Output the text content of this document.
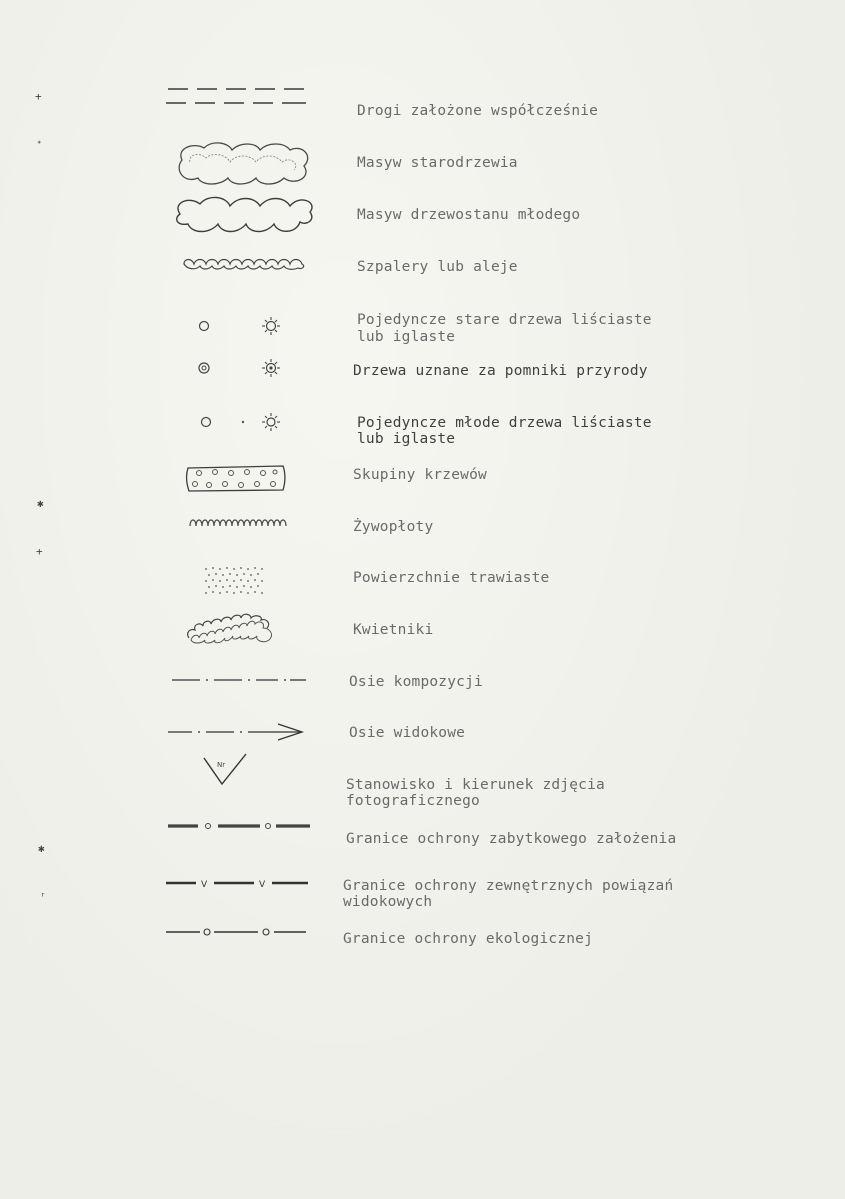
+
ᐩ
✱
+
✱
ʳ
Drogi założone współcześnie
Masyw starodrzewia
Masyw drzewostanu młodego
Szpalery lub aleje
Pojedyncze stare drzewa liściaste
lub iglaste
Drzewa uznane za pomniki przyrody
Pojedyncze młode drzewa liściaste
lub iglaste
Skupiny krzewów
Żywopłoty
Powierzchnie trawiaste
Kwietniki
Osie kompozycji
Osie widokowe
Nr
Stanowisko i kierunek zdjęcia
fotograficznego
Granice ochrony zabytkowego założenia
V	V	Granice ochrony zewnętrznych powiązań
widokowych
Granice ochrony ekologicznej
